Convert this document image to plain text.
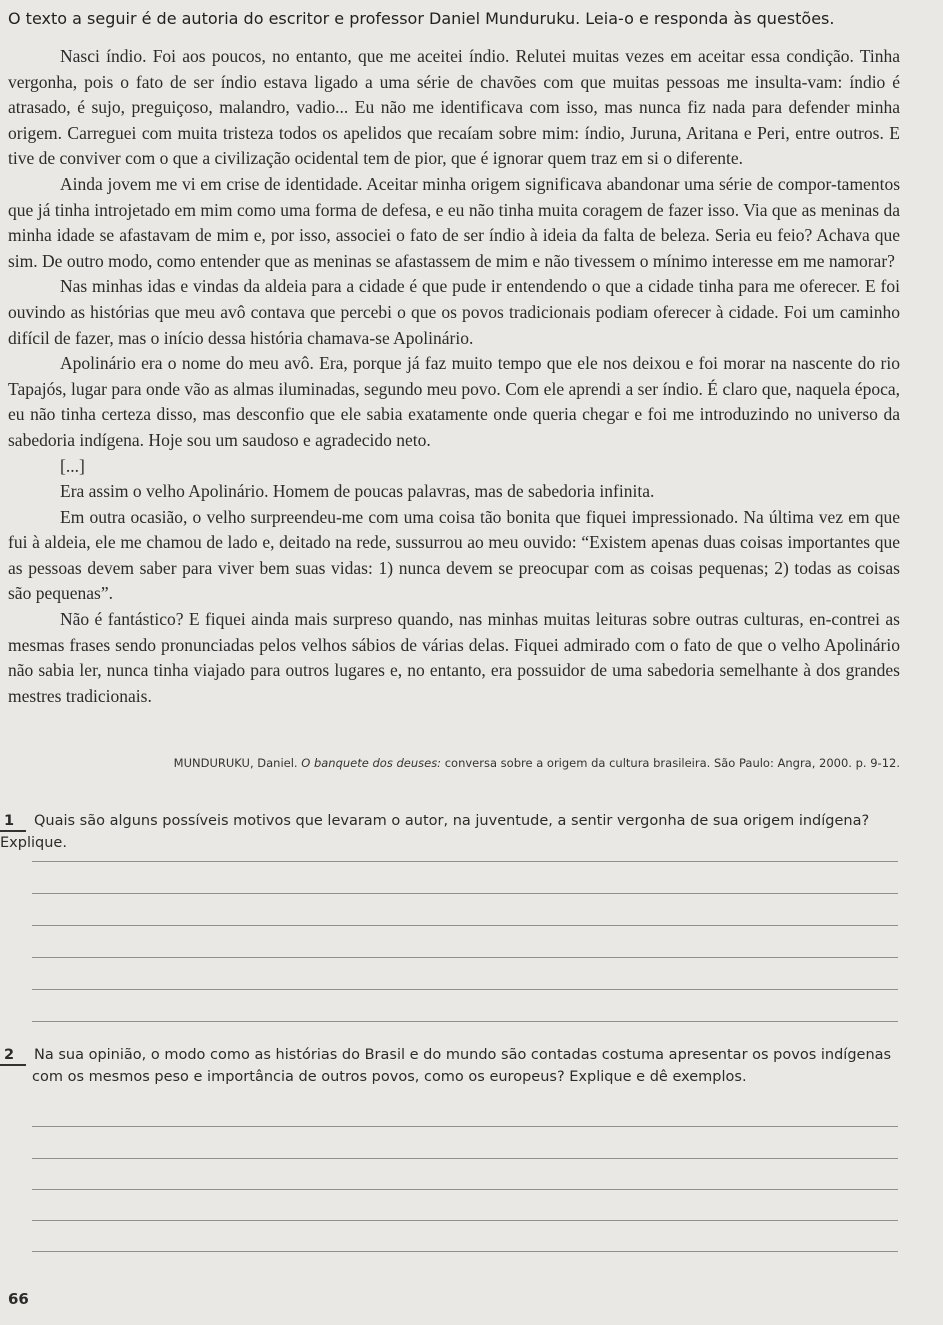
O texto a seguir é de autoria do escritor e professor Daniel Munduruku. Leia-o e responda às questões.

Nasci índio. Foi aos poucos, no entanto, que me aceitei índio. Relutei muitas vezes em aceitar essa condição. Tinha vergonha, pois o fato de ser índio estava ligado a uma série de chavões com que muitas pessoas me insulta-vam: índio é atrasado, é sujo, preguiçoso, malandro, vadio... Eu não me identificava com isso, mas nunca fiz nada para defender minha origem. Carreguei com muita tristeza todos os apelidos que recaíam sobre mim: índio, Juruna, Aritana e Peri, entre outros. E tive de conviver com o que a civilização ocidental tem de pior, que é ignorar quem traz em si o diferente.

Ainda jovem me vi em crise de identidade. Aceitar minha origem significava abandonar uma série de compor-tamentos que já tinha introjetado em mim como uma forma de defesa, e eu não tinha muita coragem de fazer isso. Via que as meninas da minha idade se afastavam de mim e, por isso, associei o fato de ser índio à ideia da falta de beleza. Seria eu feio? Achava que sim. De outro modo, como entender que as meninas se afastassem de mim e não tivessem o mínimo interesse em me namorar?

Nas minhas idas e vindas da aldeia para a cidade é que pude ir entendendo o que a cidade tinha para me oferecer. E foi ouvindo as histórias que meu avô contava que percebi o que os povos tradicionais podiam oferecer à cidade. Foi um caminho difícil de fazer, mas o início dessa história chamava-se Apolinário.

Apolinário era o nome do meu avô. Era, porque já faz muito tempo que ele nos deixou e foi morar na nascente do rio Tapajós, lugar para onde vão as almas iluminadas, segundo meu povo. Com ele aprendi a ser índio. É claro que, naquela época, eu não tinha certeza disso, mas desconfio que ele sabia exatamente onde queria chegar e foi me introduzindo no universo da sabedoria indígena. Hoje sou um saudoso e agradecido neto.

[...]

Era assim o velho Apolinário. Homem de poucas palavras, mas de sabedoria infinita.

Em outra ocasião, o velho surpreendeu-me com uma coisa tão bonita que fiquei impressionado. Na última vez em que fui à aldeia, ele me chamou de lado e, deitado na rede, sussurrou ao meu ouvido: “Existem apenas duas coisas importantes que as pessoas devem saber para viver bem suas vidas: 1) nunca devem se preocupar com as coisas pequenas; 2) todas as coisas são pequenas”.

Não é fantástico? E fiquei ainda mais surpreso quando, nas minhas muitas leituras sobre outras culturas, en-contrei as mesmas frases sendo pronunciadas pelos velhos sábios de várias delas. Fiquei admirado com o fato de que o velho Apolinário não sabia ler, nunca tinha viajado para outros lugares e, no entanto, era possuidor de uma sabedoria semelhante à dos grandes mestres tradicionais.

MUNDURUKU, Daniel. O banquete dos deuses: conversa sobre a origem da cultura brasileira. São Paulo: Angra, 2000. p. 9-12.
1 Quais são alguns possíveis motivos que levaram o autor, na juventude, a sentir vergonha de sua origem indígena? Explique.
2 Na sua opinião, o modo como as histórias do Brasil e do mundo são contadas costuma apresentar os povos indígenas
com os mesmos peso e importância de outros povos, como os europeus? Explique e dê exemplos.
66
